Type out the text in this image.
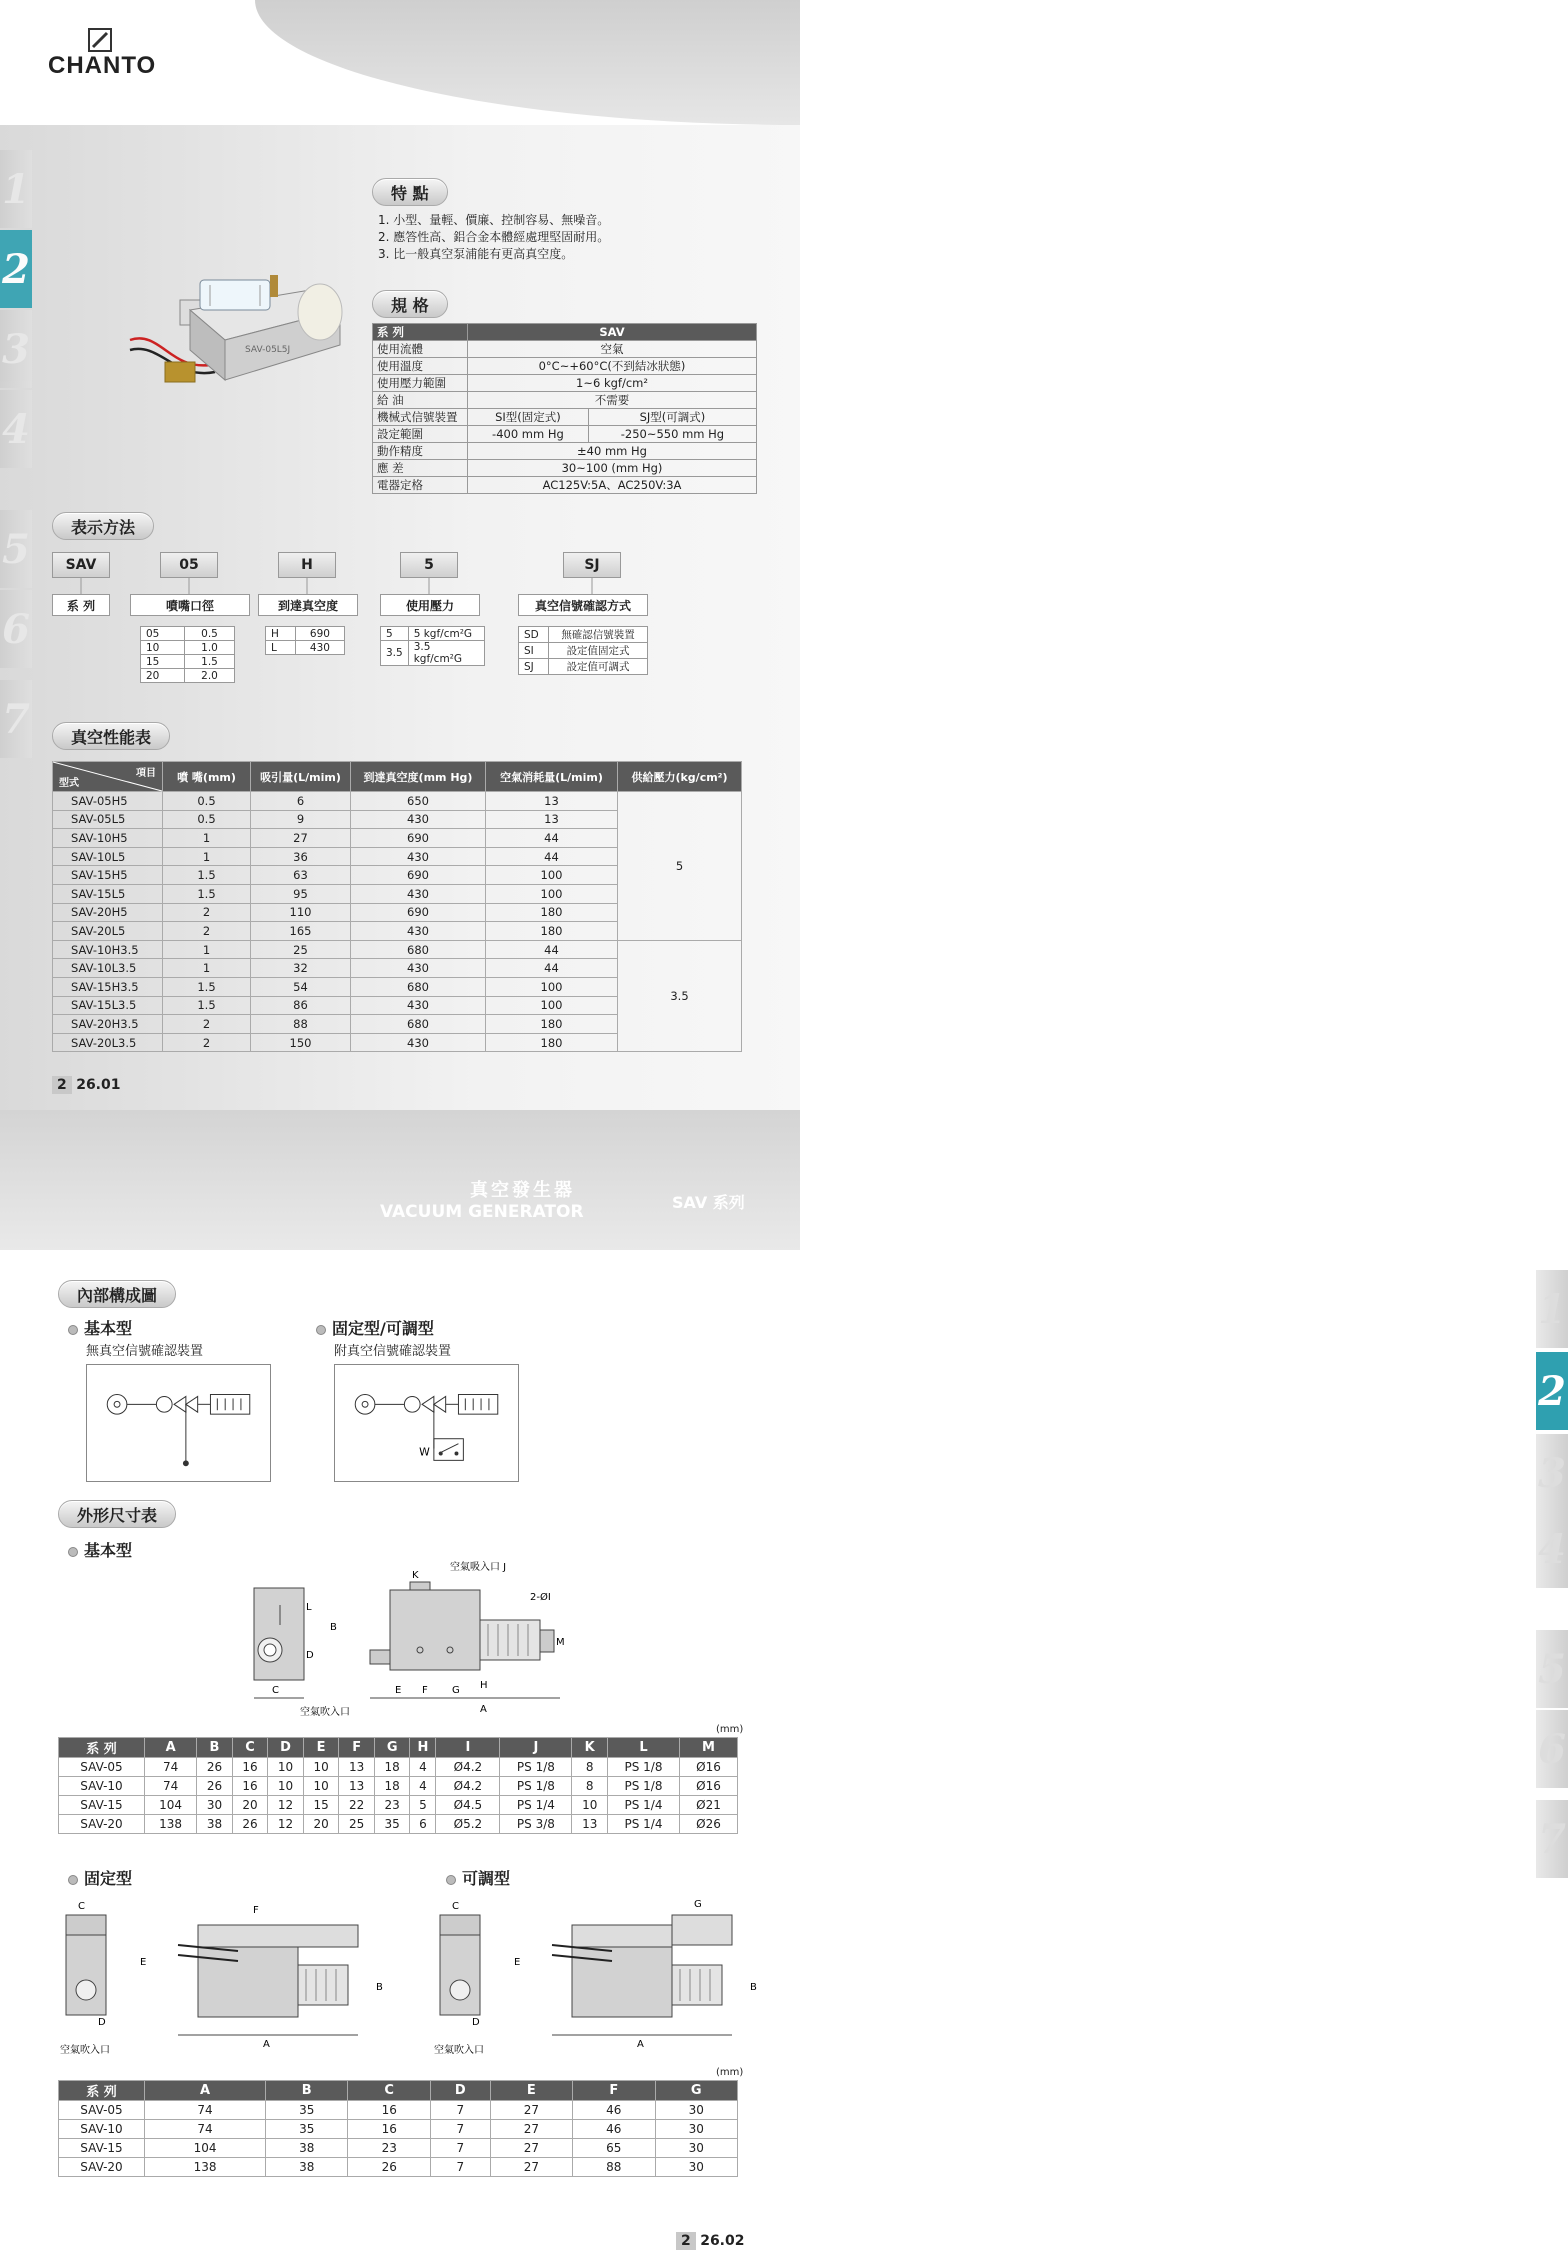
CHANTO
1
2
3
4
5
6
7
特 點
1. 小型、量輕、價廉、控制容易、無噪音。
2. 應答性高、鋁合金本體經處理堅固耐用。
3. 比一般真空泵浦能有更高真空度。
SAV-05L5J
規 格
系 列	SAV	
使用流體	空氣	
使用溫度	0°C~+60°C(不到結冰狀態)	
使用壓力範圍	1~6 kgf/cm²	
給 油	不需要	
機械式信號裝置	SI型(固定式)	SJ型(可調式)
設定範圍	-400 mm Hg	-250~550 mm Hg
動作精度	±40 mm Hg	
應 差	30~100 (mm Hg)	
電器定格	AC125V:5A、AC250V:3A	
表示方法
SAV	05	H	5	SJ
系 列	噴嘴口徑	到達真空度	使用壓力	真空信號確認方式
05	0.5
10	1.0
15	1.5
20	2.0
H	690
L	430
5	5 kgf/cm²G
3.5	3.5 kgf/cm²G
SD	無確認信號裝置
SI	設定值固定式
SJ	設定值可調式
真空性能表
項目
型式	噴 嘴(mm)	吸引量(L/mim)	到達真空度(mm Hg)	空氣消耗量(L/mim)	供給壓力(kg/cm²)
SAV-05H5	0.5	6	650	13	5
SAV-05L5	0.5	9	430	13	
SAV-10H5	1	27	690	44	
SAV-10L5	1	36	430	44	
SAV-15H5	1.5	63	690	100	
SAV-15L5	1.5	95	430	100	
SAV-20H5	2	110	690	180	
SAV-20L5	2	165	430	180	
SAV-10H3.5	1	25	680	44	3.5
SAV-10L3.5	1	32	430	44	
SAV-15H3.5	1.5	54	680	100	
SAV-15L3.5	1.5	86	430	100	
SAV-20H3.5	2	88	680	180	
SAV-20L3.5	2	150	430	180	
2 26.01
真空發生器
VACUUM GENERATOR	SAV 系列
1
2
3
4
5
6
7
內部構成圖
基本型
無真空信號確認裝置
固定型/可調型
附真空信號確認裝置
W
外形尺寸表
基本型
L
B
D
C
空氣吹入口
K
空氣吸入口 J
2-ØI
M
E F G H
A
(mm)
系 列	A	B	C	D	E	F	G	H	I	J	K	L	M
SAV-05	74	26	16	10	10	13	18	4	Ø4.2	PS 1/8	8	PS 1/8	Ø16
SAV-10	74	26	16	10	10	13	18	4	Ø4.2	PS 1/8	8	PS 1/8	Ø16
SAV-15	104	30	20	12	15	22	23	5	Ø4.5	PS 1/4	10	PS 1/4	Ø21
SAV-20	138	38	26	12	20	25	35	6	Ø5.2	PS 3/8	13	PS 1/4	Ø26
固定型	可調型
C
E
D
空氣吹入口
F
B
A
C
E
D
空氣吹入口
G
B
A
(mm)
系 列	A	B	C	D	E	F	G
SAV-05	74	35	16	7	27	46	30
SAV-10	74	35	16	7	27	46	30
SAV-15	104	38	23	7	27	65	30
SAV-20	138	38	26	7	27	88	30
2 26.02
